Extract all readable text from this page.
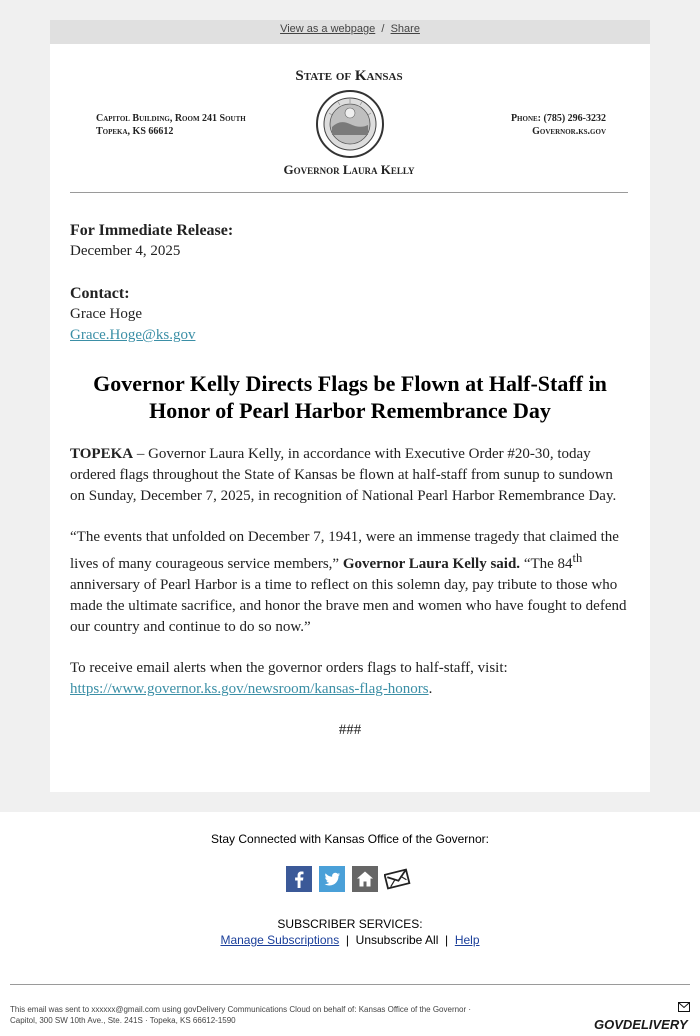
View as a webpage / Share
State of Kansas
Capitol Building, Room 241 South
Topeka, KS 66612
Phone: (785) 296-3232
Governor.ks.gov
Governor Laura Kelly

For Immediate Release:

December 4, 2025

Contact:

Grace Hoge

Grace.Hoge@ks.gov

Governor Kelly Directs Flags be Flown at Half-Staff in Honor of Pearl Harbor Remembrance Day

TOPEKA – Governor Laura Kelly, in accordance with Executive Order #20-30, today ordered flags throughout the State of Kansas be flown at half-staff from sunup to sundown on Sunday, December 7, 2025, in recognition of National Pearl Harbor Remembrance Day.

“The events that unfolded on December 7, 1941, were an immense tragedy that claimed the lives of many courageous service members,” Governor Laura Kelly said. “The 84th anniversary of Pearl Harbor is a time to reflect on this solemn day, pay tribute to those who made the ultimate sacrifice, and honor the brave men and women who have fought to defend our country and continue to do so now.”

To receive email alerts when the governor orders flags to half-staff, visit:
https://www.governor.ks.gov/newsroom/kansas-flag-honors.

###

Stay Connected with Kansas Office of the Governor:
SUBSCRIBER SERVICES:
Manage Subscriptions | Unsubscribe All | Help
This email was sent to xxxxxx@gmail.com using govDelivery Communications Cloud on behalf of: Kansas Office of the Governor ·
Capitol, 300 SW 10th Ave., Ste. 241S · Topeka, KS 66612-1590	GOVDELIVERY
